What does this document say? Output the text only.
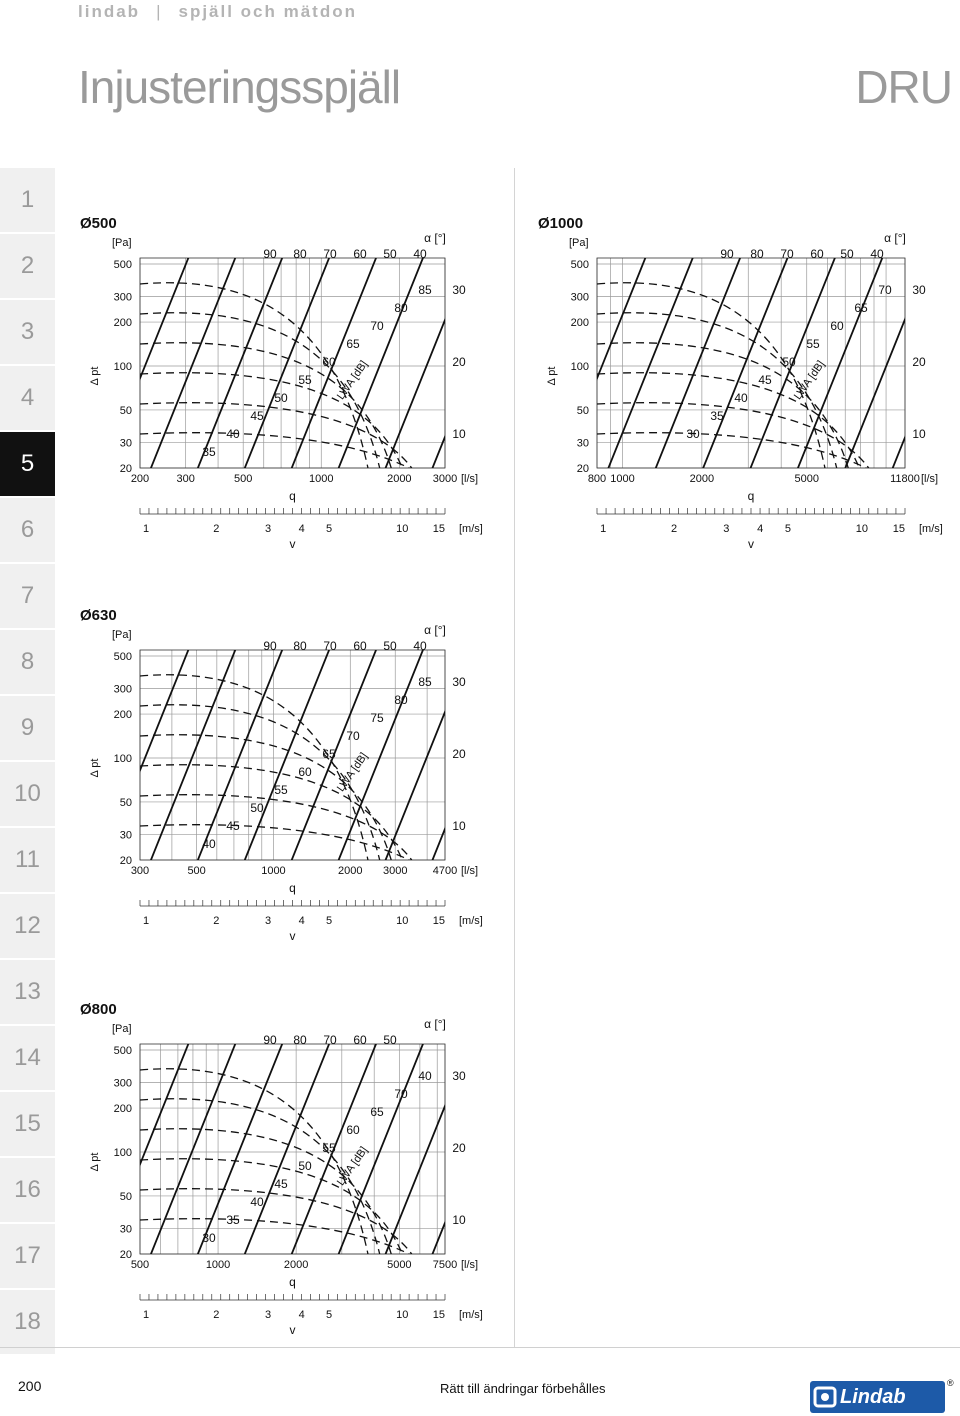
lindab | spjäll och mätdon
Injusteringsspjäll	DRU
1
2
3
4
5
6
7
8
9
10
11
12
13
14
15
16
17
18
Ø500
20
30
50
100
200
300
500
[Pa]
Δ pt
200 300	500	1000	2000 3000 [l/s]
q
1	2	3 4 5	10 15 [m/s]
v
α [°]
90 80 70 60 50 40
85
80
70
65
60
55
50
45
40
35
LWA [dB]
30
20
10
Ø1000
20
30
50
100
200
300
500
[Pa]
Δ pt
800 1000	2000	5000	11800 [l/s]
q
1	2	3	4 5	10 15 [m/s]
v
α [°]
90 80 70 60 50 40
70
65
60
55
50
45
40
35
30
LWA [dB]
30
20
10
Ø630
20
30
50
100
200
300
500
[Pa]
Δ pt
300	500	1000	2000 3000 4700 [l/s]
q
1	2	3 4 5	10 15 [m/s]
v
α [°]
90 80 70 60 50 40
85
80
75
70
65
60
55
50
45
40
LWA [dB]
30
20
10
Ø800
20
30
50
100
200
300
500
[Pa]
Δ pt
500	1000	2000	5000 7500 [l/s]
q
1	2	3 4 5	10 15 [m/s]
v
α [°]
90 80 70 60 50
40
70
65
60
55
50
45
40
35
30
LWA [dB]
30
20
10
200	Rätt till ändringar förbehålles	Lindab
®
